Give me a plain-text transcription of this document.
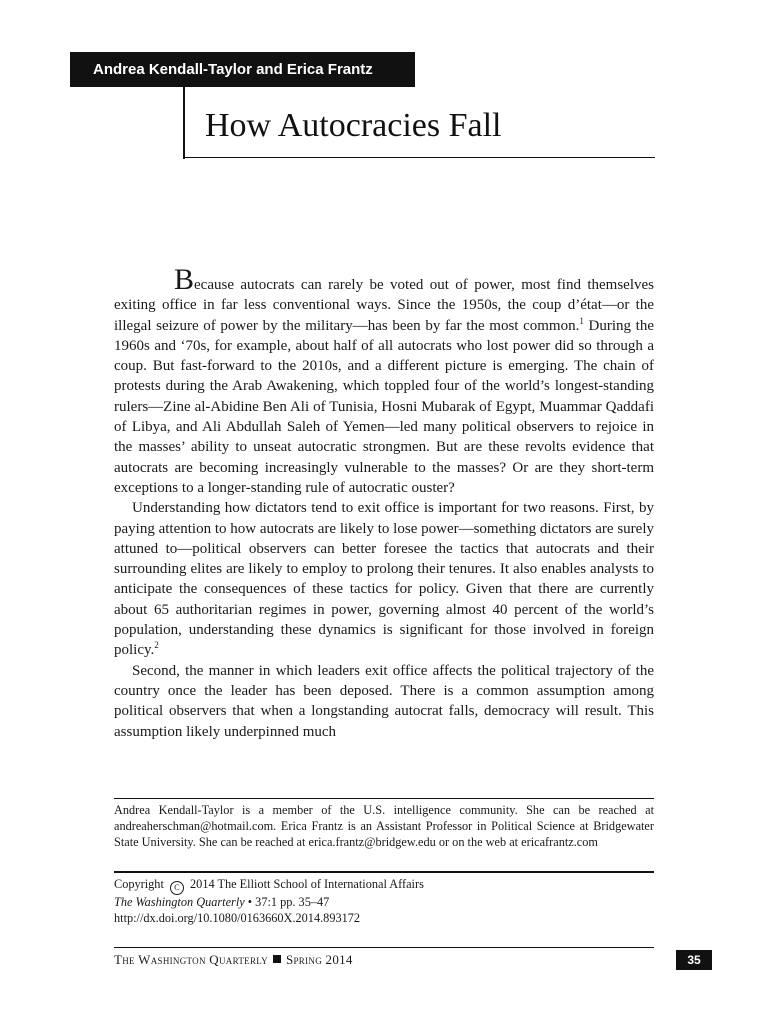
Andrea Kendall-Taylor and Erica Frantz
How Autocracies Fall

Because autocrats can rarely be voted out of power, most find themselves exiting office in far less conventional ways. Since the 1950s, the coup d’état—or the illegal seizure of power by the military—has been by far the most common.$^1$ During the 1960s and ‘70s, for example, about half of all autocrats who lost power did so through a coup. But fast-forward to the 2010s, and a different picture is emerging. The chain of protests during the Arab Awakening, which toppled four of the world’s longest-standing rulers—Zine al-Abidine Ben Ali of Tunisia, Hosni Mubarak of Egypt, Muammar Qaddafi of Libya, and Ali Abdullah Saleh of Yemen—led many political observers to rejoice in the masses’ ability to unseat autocratic strongmen. But are these revolts evidence that autocrats are becoming increasingly vulnerable to the masses? Or are they short-term exceptions to a longer-standing rule of autocratic ouster?

Understanding how dictators tend to exit office is important for two reasons. First, by paying attention to how autocrats are likely to lose power—something dictators are surely attuned to—political observers can better foresee the tactics that autocrats and their surrounding elites are likely to employ to prolong their tenures. It also enables analysts to anticipate the consequences of these tactics for policy. Given that there are currently about 65 authoritarian regimes in power, governing almost 40 percent of the world’s population, understanding these dynamics is significant for those involved in foreign policy.$^2$

Second, the manner in which leaders exit office affects the political trajectory of the country once the leader has been deposed. There is a common assumption among political observers that when a longstanding autocrat falls, democracy will result. This assumption likely underpinned much

Andrea Kendall-Taylor is a member of the U.S. intelligence community. She can be reached at andreaherschman@hotmail.com. Erica Frantz is an Assistant Professor in Political Science at Bridgewater State University. She can be reached at erica.frantz@bridgew.edu or on the web at ericafrantz.com

Copyright C 2014 The Elliott School of International Affairs
The Washington Quarterly • 37:1 pp. 35–47
http://dx.doi.org/10.1080/0163660X.2014.893172
The Washington Quarterly Spring 2014	35
